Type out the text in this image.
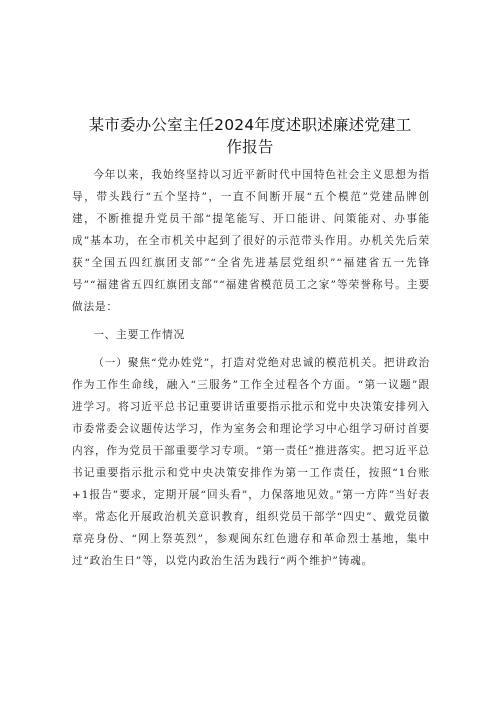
某市委办公室主任2024年度述职述廉述党建工
作报告

今年以来，我始终坚持以习近平新时代中国特色社会主义思想为指导，带头践行“五个坚持”，一直不间断开展“五个模范”党建品牌创建，不断推提升党员干部“提笔能写、开口能讲、问策能对、办事能成”基本功，在全市机关中起到了很好的示范带头作用。办机关先后荣获“全国五四红旗团支部”“全省先进基层党组织”“福建省五一先锋号”“福建省五四红旗团支部”“福建省模范员工之家”等荣誉称号。主要做法是：

一、主要工作情况

（一）聚焦“党办姓党”，打造对党绝对忠诚的模范机关。把讲政治作为工作生命线，融入“三服务”工作全过程各个方面。“第一议题”跟进学习。将习近平总书记重要讲话重要指示批示和党中央决策安排列入市委常委会议题传达学习，作为室务会和理论学习中心组学习研讨首要内容，作为党员干部重要学习专项。“第一责任”推进落实。把习近平总书记重要指示批示和党中央决策安排作为第一工作责任，按照“1台账+1报告”要求，定期开展“回头看”，力保落地见效。”第一方阵”当好表率。常态化开展政治机关意识教育，组织党员干部学“四史”、戴党员徽章亮身份、“网上祭英烈”，参观闽东红色遗存和革命烈士基地，集中过“政治生日”等，以党内政治生活为践行“两个维护”铸魂。
